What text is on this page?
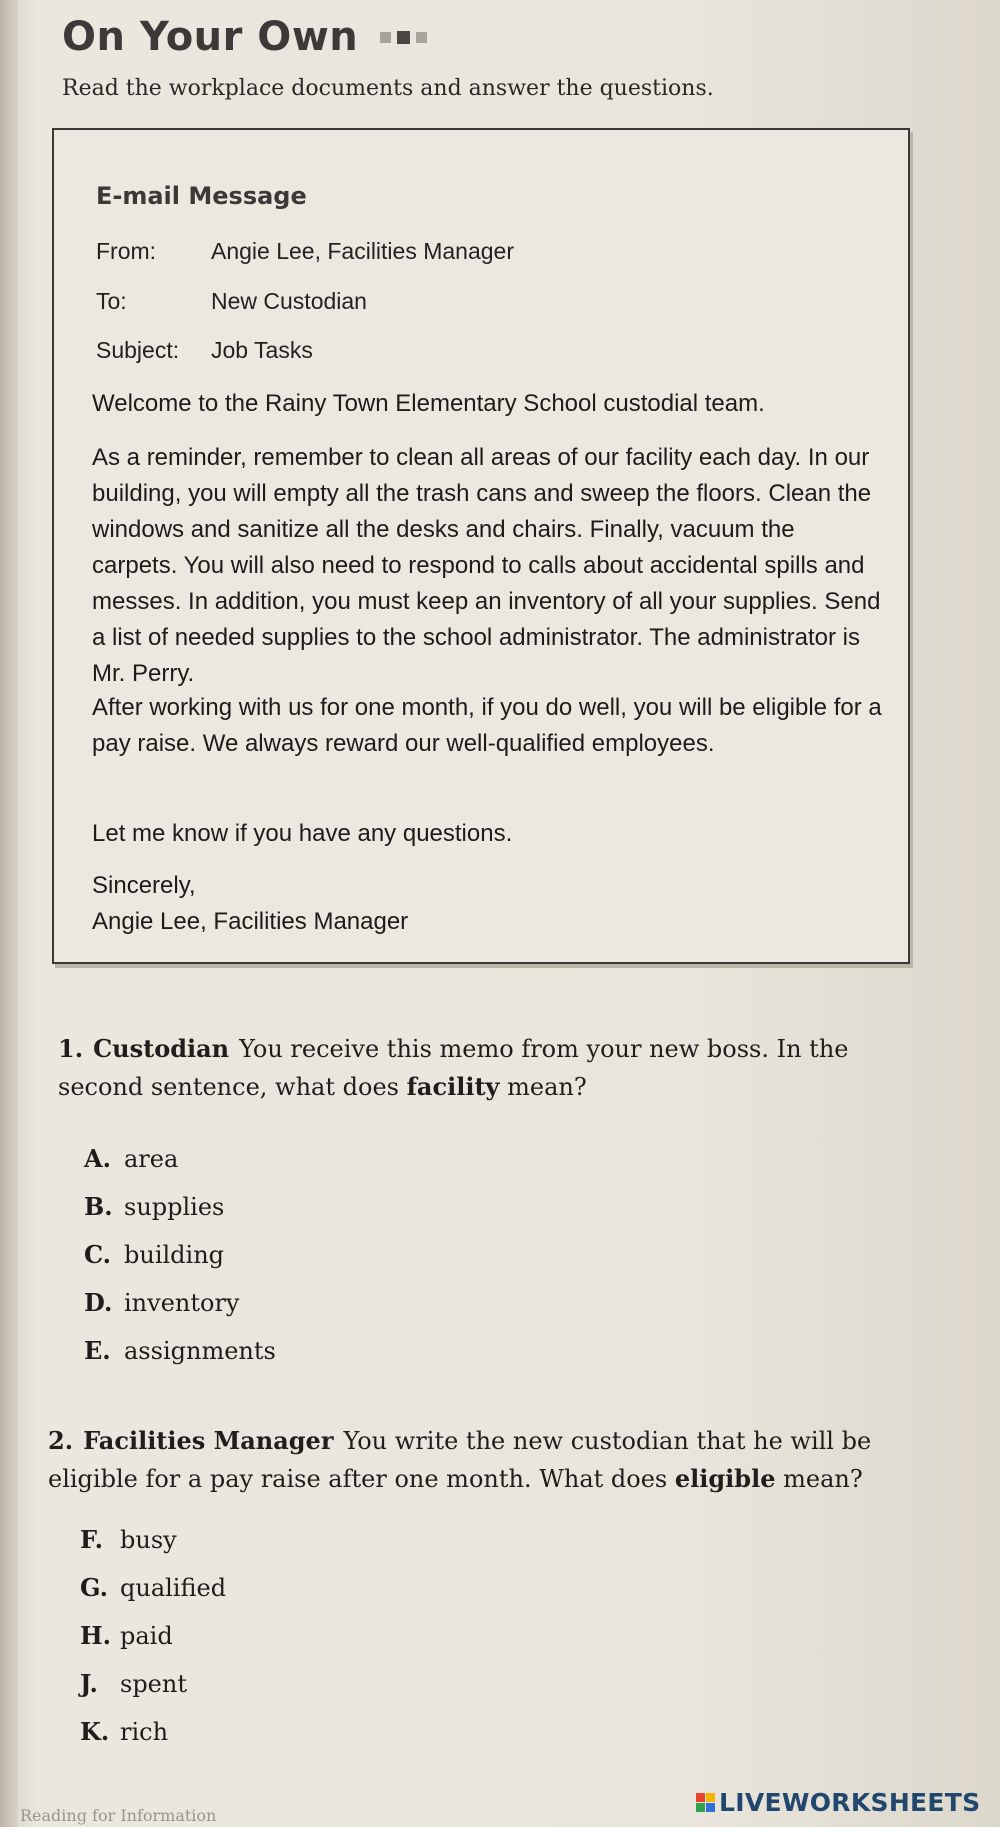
On Your Own
Read the workplace documents and answer the questions.
E-mail Message
From: Angie Lee, Facilities Manager
To:	New Custodian
Subject: Job Tasks
Welcome to the Rainy Town Elementary School custodial team.
As a reminder, remember to clean all areas of our facility each day. In our building, you will empty all the trash cans and sweep the floors. Clean the windows and sanitize all the desks and chairs. Finally, vacuum the carpets. You will also need to respond to calls about accidental spills and messes. In addition, you must keep an inventory of all your supplies. Send a list of needed supplies to the school administrator. The administrator is Mr. Perry.
After working with us for one month, if you do well, you will be eligible for a pay raise. We always reward our well-qualified employees.
Let me know if you have any questions.
Sincerely,
Angie Lee, Facilities Manager
1. Custodian You receive this memo from your new boss. In the second sentence, what does facility mean?
A. area
B. supplies
C. building
D. inventory
E. assignments
2. Facilities Manager You write the new custodian that he will be eligible for a pay raise after one month. What does eligible mean?
F. busy
G. qualified
H. paid
J. spent
K. rich
Reading for Information	LIVEWORKSHEETS
